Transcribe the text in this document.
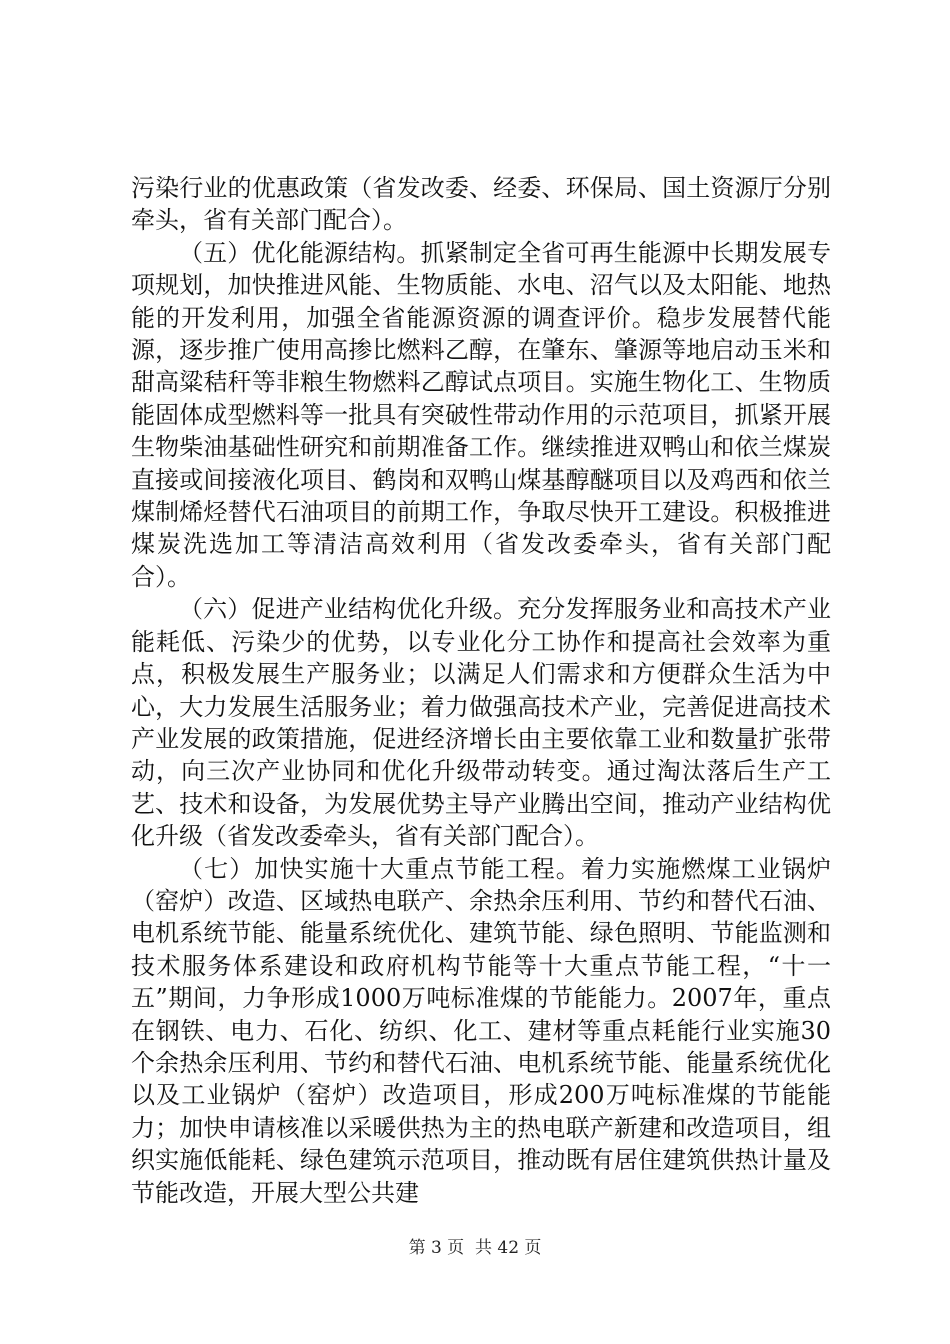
污染行业的优惠政策（省发改委、经委、环保局、国土资源厅分别牵头，省有关部门配合）。

（五）优化能源结构。抓紧制定全省可再生能源中长期发展专项规划，加快推进风能、生物质能、水电、沼气以及太阳能、地热能的开发利用，加强全省能源资源的调查评价。稳步发展替代能源，逐步推广使用高掺比燃料乙醇，在肇东、肇源等地启动玉米和甜高粱秸秆等非粮生物燃料乙醇试点项目。实施生物化工、生物质能固体成型燃料等一批具有突破性带动作用的示范项目，抓紧开展生物柴油基础性研究和前期准备工作。继续推进双鸭山和依兰煤炭直接或间接液化项目、鹤岗和双鸭山煤基醇醚项目以及鸡西和依兰煤制烯烃替代石油项目的前期工作，争取尽快开工建设。积极推进煤炭洗选加工等清洁高效利用（省发改委牵头，省有关部门配合）。

（六）促进产业结构优化升级。充分发挥服务业和高技术产业能耗低、污染少的优势，以专业化分工协作和提高社会效率为重点，积极发展生产服务业；以满足人们需求和方便群众生活为中心，大力发展生活服务业；着力做强高技术产业，完善促进高技术产业发展的政策措施，促进经济增长由主要依靠工业和数量扩张带动，向三次产业协同和优化升级带动转变。通过淘汰落后生产工艺、技术和设备，为发展优势主导产业腾出空间，推动产业结构优化升级（省发改委牵头，省有关部门配合）。

（七）加快实施十大重点节能工程。着力实施燃煤工业锅炉（窑炉）改造、区域热电联产、余热余压利用、节约和替代石油、电机系统节能、能量系统优化、建筑节能、绿色照明、节能监测和技术服务体系建设和政府机构节能等十大重点节能工程，“十一五”期间，力争形成1000万吨标准煤的节能能力。2007年，重点在钢铁、电力、石化、纺织、化工、建材等重点耗能行业实施30个余热余压利用、节约和替代石油、电机系统节能、能量系统优化以及工业锅炉（窑炉）改造项目，形成200万吨标准煤的节能能力；加快申请核准以采暖供热为主的热电联产新建和改造项目，组织实施低能耗、绿色建筑示范项目，推动既有居住建筑供热计量及节能改造，开展大型公共建

第 3 页  共 42 页
